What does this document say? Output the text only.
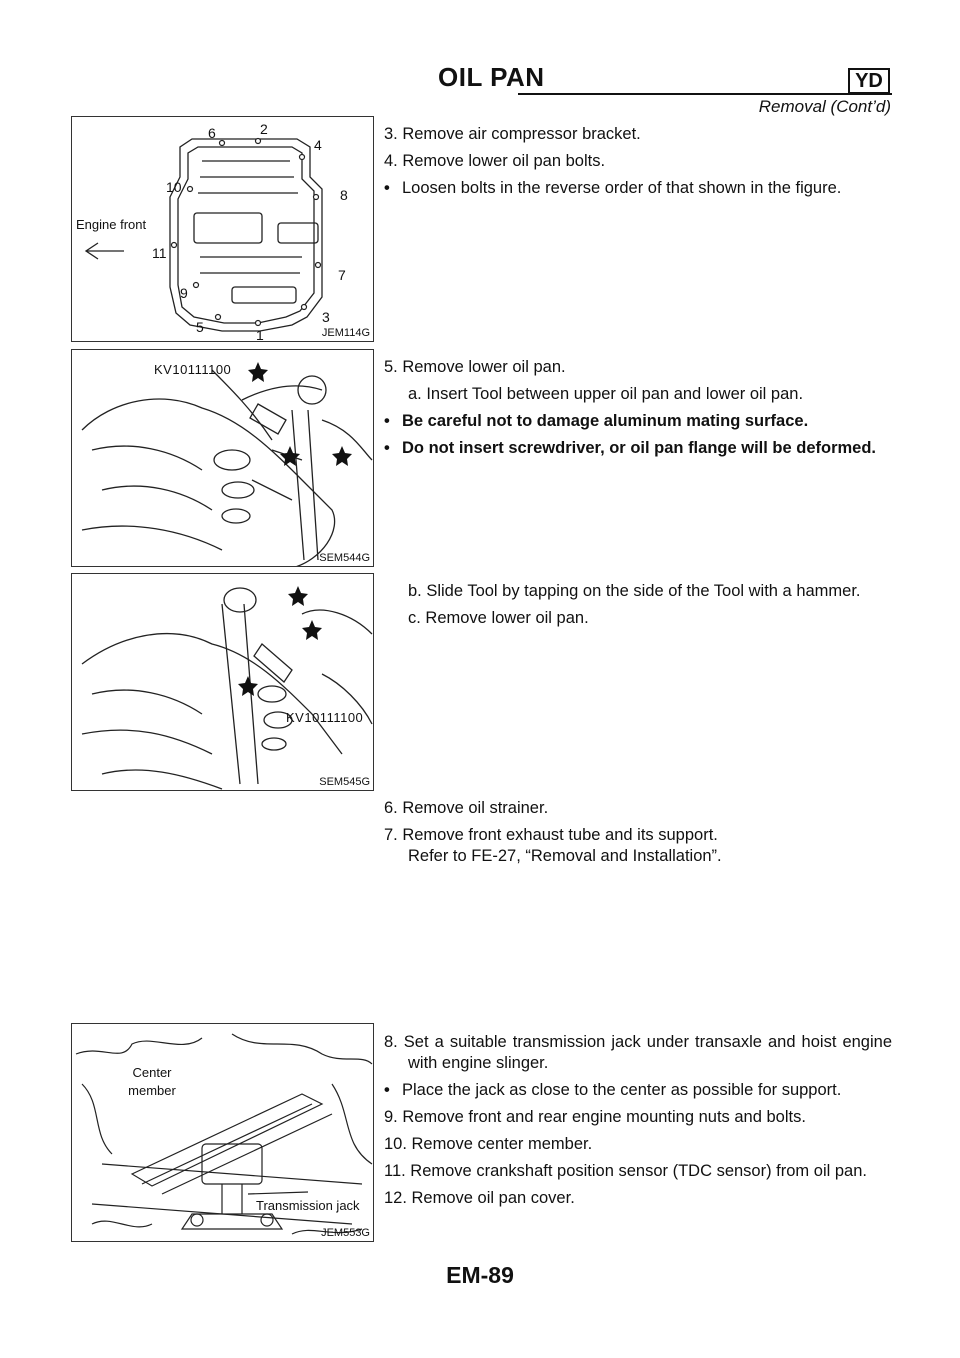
OIL PAN	YD
Removal (Cont’d)
Engine front
6	2
4
10	8
11
7
9
3
5	1	JEM114G

3. Remove air compressor bracket.

4. Remove lower oil pan bolts.

• Loosen bolts in the reverse order of that shown in the figure.
KV10111100
SEM544G

5. Remove lower oil pan.

a. Insert Tool between upper oil pan and lower oil pan.

• Be careful not to damage aluminum mating surface.
• Do not insert screwdriver, or oil pan flange will be deformed.
KV10111100
SEM545G

b. Slide Tool by tapping on the side of the Tool with a hammer.

c. Remove lower oil pan.

6. Remove oil strainer.

7. Remove front exhaust tube and its support.

Refer to FE-27, “Removal and Installation”.

Center member
Transmission jack
JEM553G

8. Set a suitable transmission jack under transaxle and hoist engine with engine slinger.

• Place the jack as close to the center as possible for support.

9. Remove front and rear engine mounting nuts and bolts.

10. Remove center member.

11. Remove crankshaft position sensor (TDC sensor) from oil pan.

12. Remove oil pan cover.

EM-89
